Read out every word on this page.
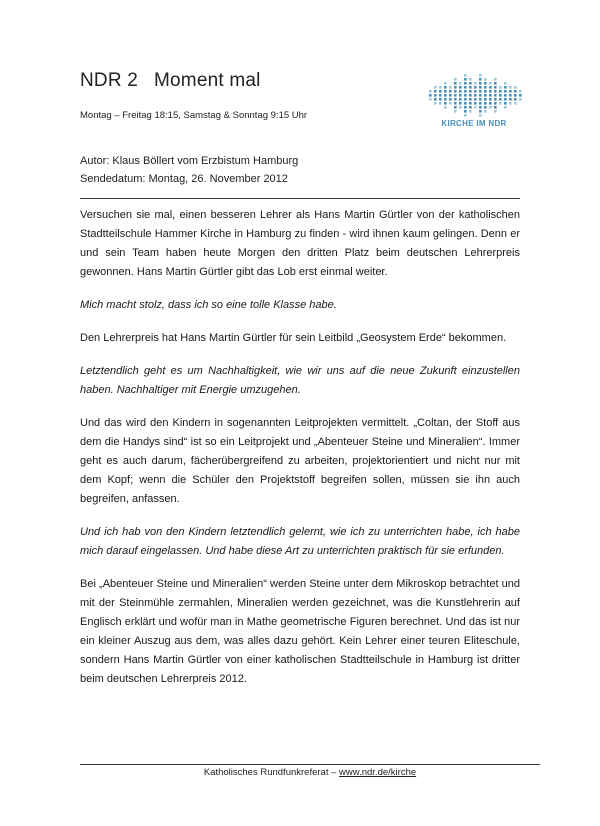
NDR 2 Moment mal
Montag – Freitag 18:15, Samstag & Sonntag 9:15 Uhr
KIRCHE IM NDR
Autor: Klaus Böllert vom Erzbistum Hamburg
Sendedatum: Montag, 26. November 2012

Versuchen sie mal, einen besseren Lehrer als Hans Martin Gürtler von der katholischen Stadtteilschule Hammer Kirche in Hamburg zu finden - wird ihnen kaum gelingen. Denn er und sein Team haben heute Morgen den dritten Platz beim deutschen Lehrerpreis gewonnen. Hans Martin Gürtler gibt das Lob erst einmal weiter.

Mich macht stolz, dass ich so eine tolle Klasse habe.

Den Lehrerpreis hat Hans Martin Gürtler für sein Leitbild „Geosystem Erde“ bekommen.

Letztendlich geht es um Nachhaltigkeit, wie wir uns auf die neue Zukunft einzustellen haben. Nachhaltiger mit Energie umzugehen.

Und das wird den Kindern in sogenannten Leitprojekten vermittelt. „Coltan, der Stoff aus dem die Handys sind“ ist so ein Leitprojekt und „Abenteuer Steine und Mineralien“. Immer geht es auch darum, fächerübergreifend zu arbeiten, projektorientiert und nicht nur mit dem Kopf; wenn die Schüler den Projektstoff begreifen sollen, müssen sie ihn auch begreifen, anfassen.

Und ich hab von den Kindern letztendlich gelernt, wie ich zu unterrichten habe, ich habe mich darauf eingelassen. Und habe diese Art zu unterrichten praktisch für sie erfunden.

Bei „Abenteuer Steine und Mineralien“ werden Steine unter dem Mikroskop betrachtet und mit der Steinmühle zermahlen, Mineralien werden gezeichnet, was die Kunstlehrerin auf Englisch erklärt und wofür man in Mathe geometrische Figuren berechnet. Und das ist nur ein kleiner Auszug aus dem, was alles dazu gehört. Kein Lehrer einer teuren Eliteschule, sondern Hans Martin Gürtler von einer katholischen Stadtteilschule in Hamburg ist dritter beim deutschen Lehrerpreis 2012.

Katholisches Rundfunkreferat – www.ndr.de/kirche
